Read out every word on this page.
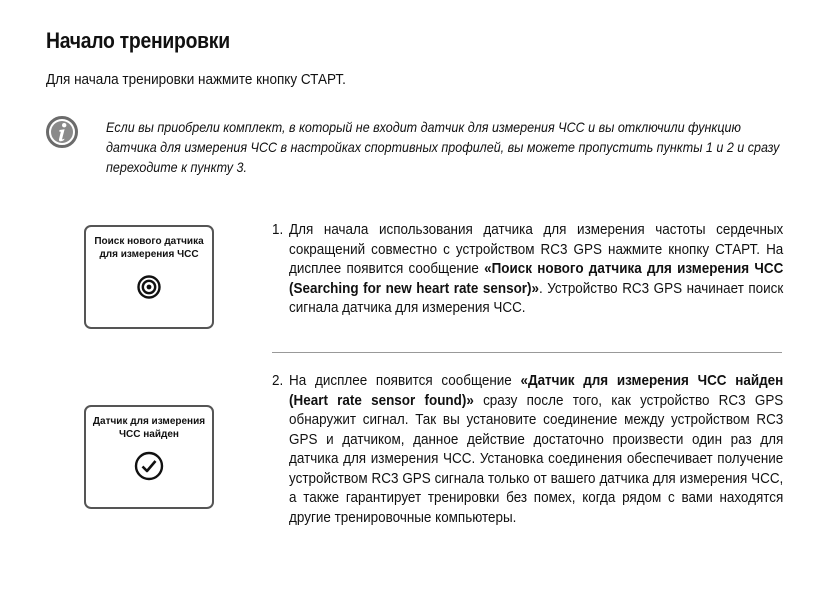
Начало тренировки
Для начала тренировки нажмите кнопку СТАРТ.
Если вы приобрели комплект, в который не входит датчик для измерения ЧСС и вы отключили функцию датчика для измерения ЧСС в настройках спортивных профилей, вы можете пропустить пункты 1 и 2 и сразу переходите к пункту 3.
Поиск нового датчика
для измерения ЧСС
Датчик для измерения
ЧСС найден
1. Для начала использования датчика для измерения частоты сердечных сокращений совместно с устройством RC3 GPS нажмите кнопку СТАРТ. На дисплее появится сообщение «Поиск нового датчика для измерения ЧСС (Searching for new heart rate sensor)». Устройство RC3 GPS начинает поиск сигнала датчика для измерения ЧСС.
2. На дисплее появится сообщение «Датчик для измерения ЧСС найден (Heart rate sensor found)» сразу после того, как устройство RC3 GPS обнаружит сигнал. Так вы установите соединение между устройством RC3 GPS и датчиком, данное действие достаточно произвести один раз для датчика для измерения ЧСС. Установка соединения обеспечивает получение устройством RC3 GPS сигнала только от вашего датчика для измерения ЧСС, а также гарантирует тренировки без помех, когда рядом с вами находятся другие тренировочные компьютеры.
